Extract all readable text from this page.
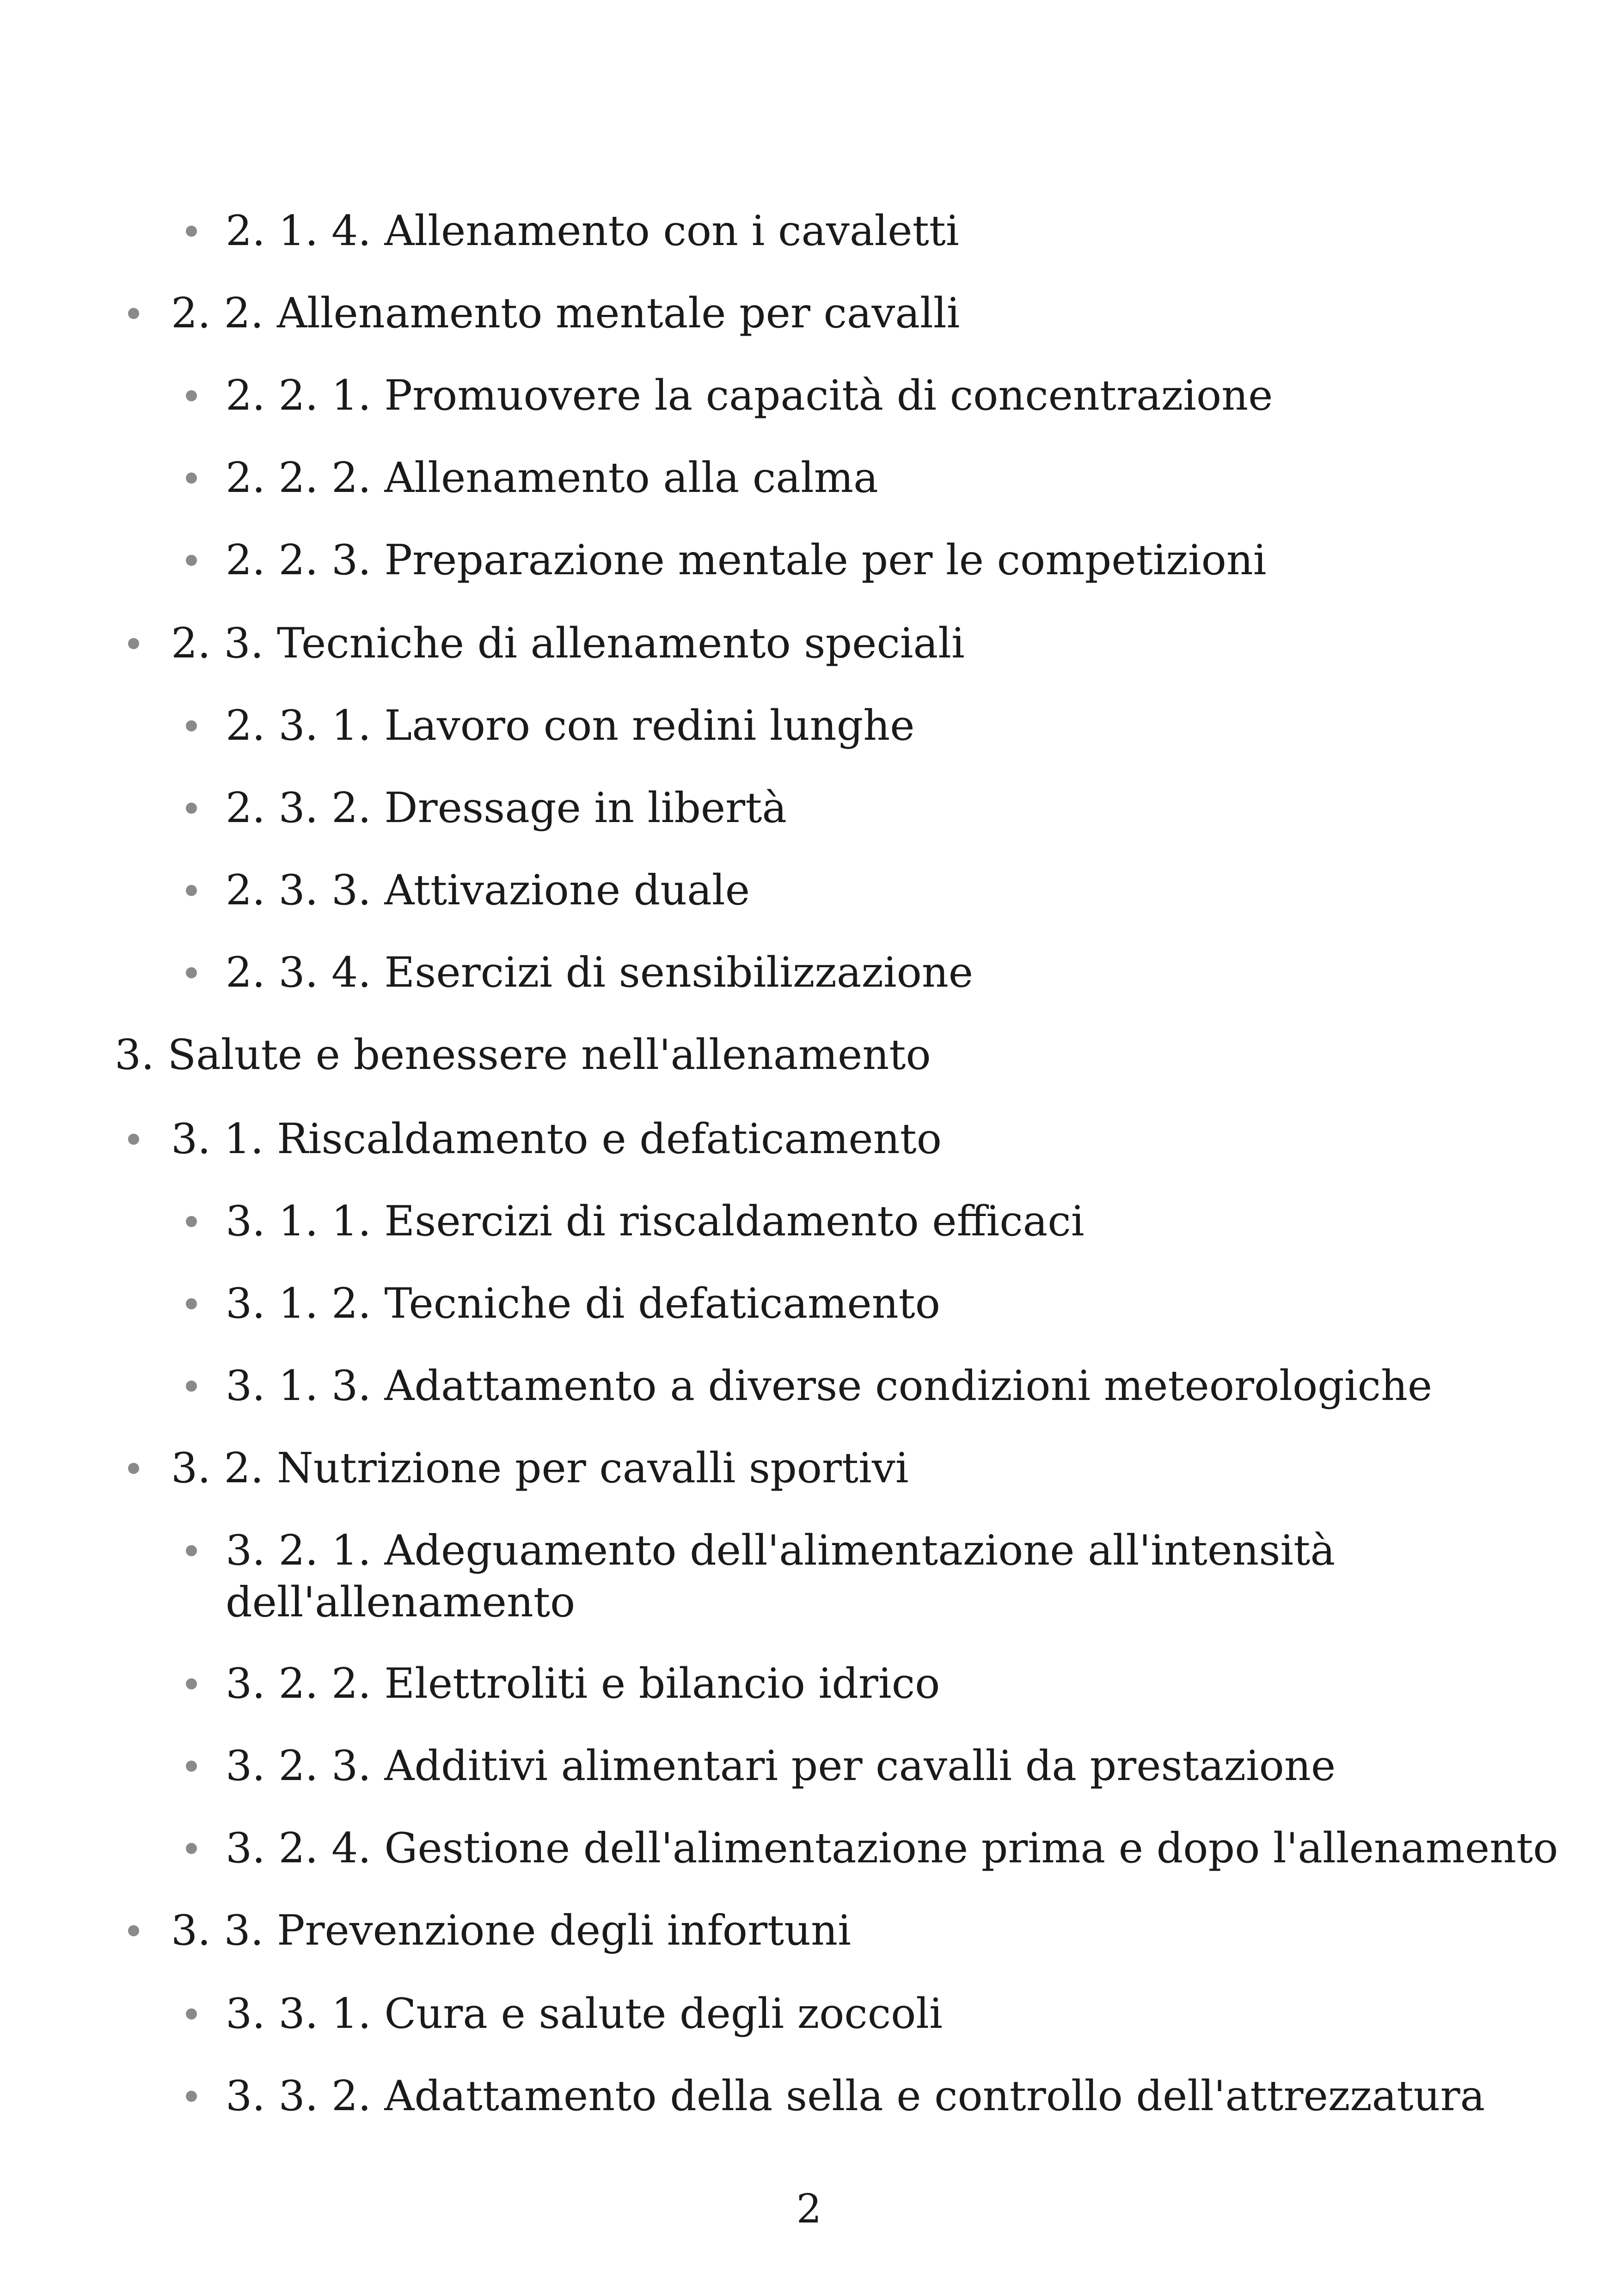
2. 1. 4. Allenamento con i cavaletti
2. 2. Allenamento mentale per cavalli
2. 2. 1. Promuovere la capacità di concentrazione
2. 2. 2. Allenamento alla calma
2. 2. 3. Preparazione mentale per le competizioni
2. 3. Tecniche di allenamento speciali
2. 3. 1. Lavoro con redini lunghe
2. 3. 2. Dressage in libertà
2. 3. 3. Attivazione duale
2. 3. 4. Esercizi di sensibilizzazione
3. Salute e benessere nell'allenamento
3. 1. Riscaldamento e defaticamento
3. 1. 1. Esercizi di riscaldamento efficaci
3. 1. 2. Tecniche di defaticamento
3. 1. 3. Adattamento a diverse condizioni meteorologiche
3. 2. Nutrizione per cavalli sportivi
3. 2. 1. Adeguamento dell'alimentazione all'intensità dell'allenamento
3. 2. 2. Elettroliti e bilancio idrico
3. 2. 3. Additivi alimentari per cavalli da prestazione
3. 2. 4. Gestione dell'alimentazione prima e dopo l'allenamento
3. 3. Prevenzione degli infortuni
3. 3. 1. Cura e salute degli zoccoli
3. 3. 2. Adattamento della sella e controllo dell'attrezzatura
2
